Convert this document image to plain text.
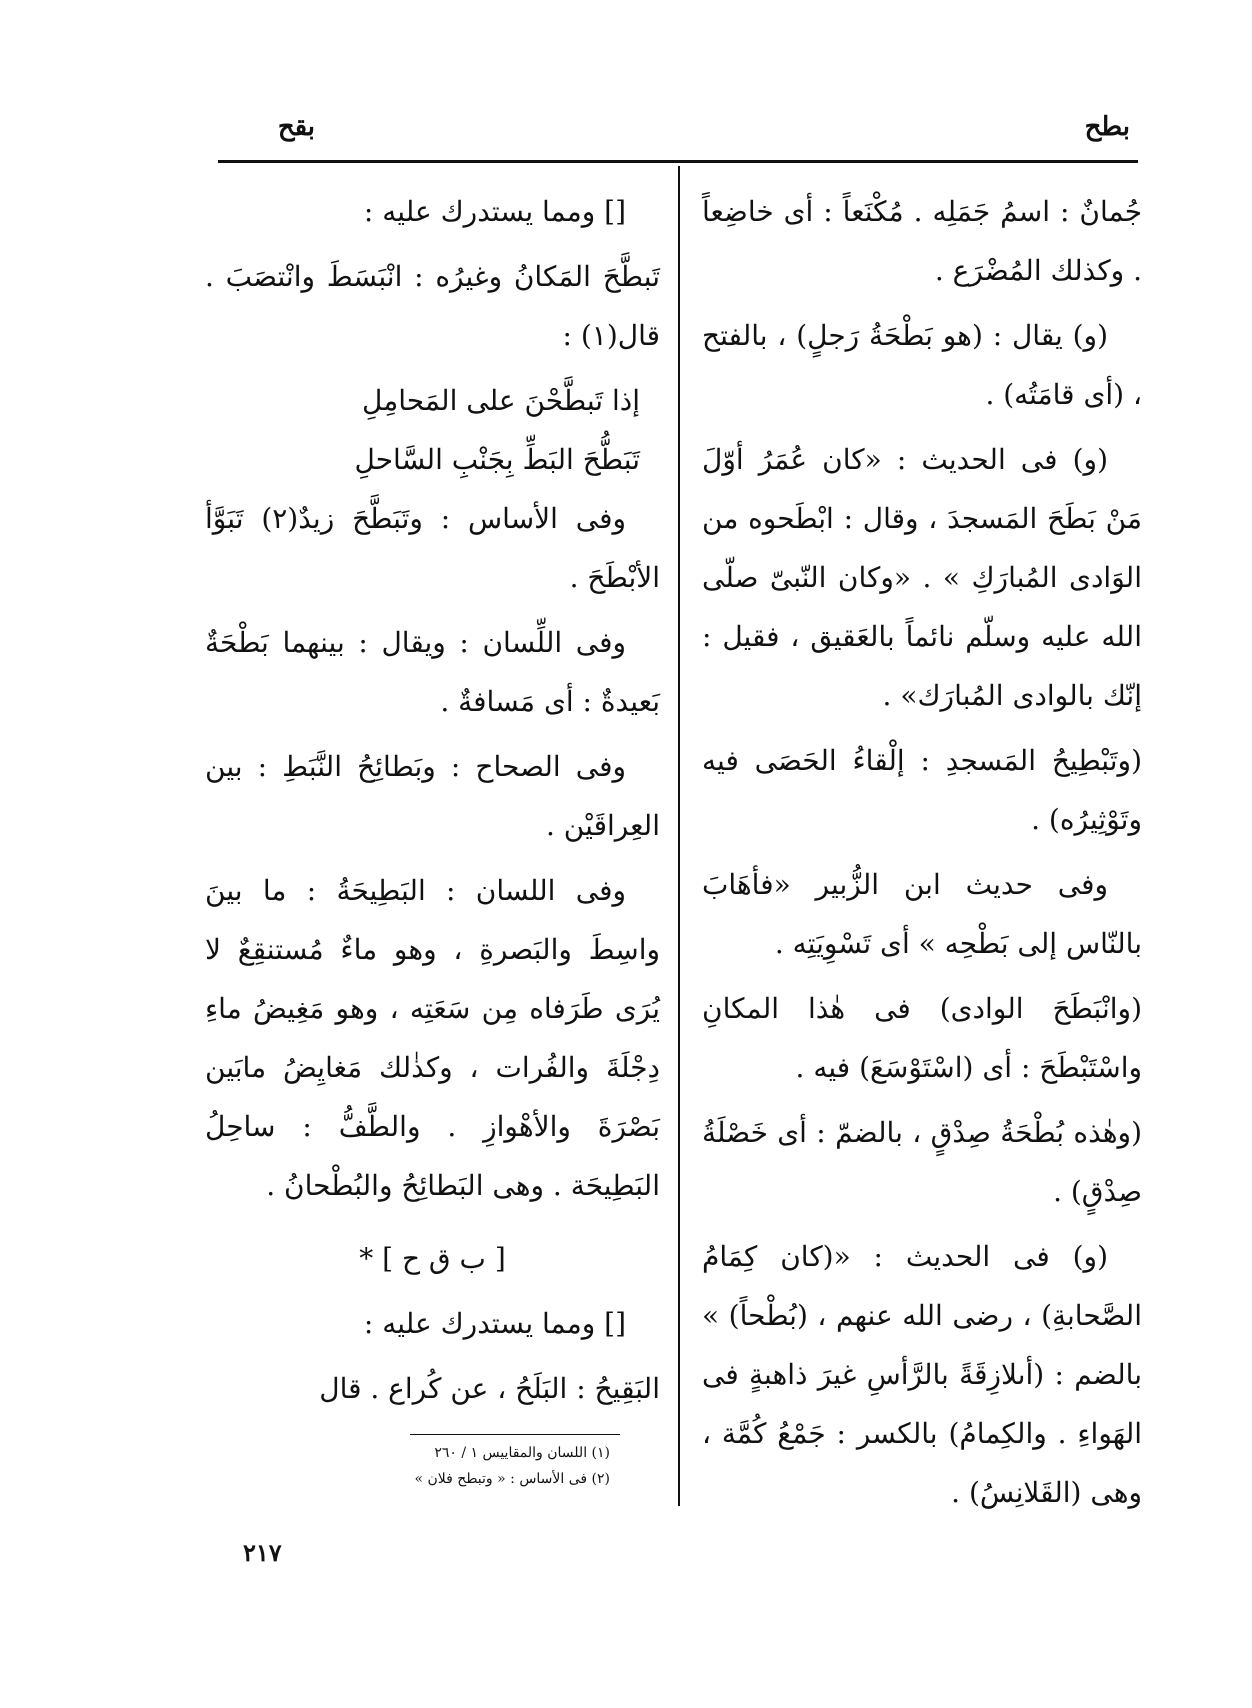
بطح
بقح

جُمانٌ : اسمُ جَمَلِه . مُكْنَعاً : أى خاضِعاً . وكذلك المُضْرَع .

(و) يقال : (هو بَطْحَةُ رَجلٍ) ، بالفتح ، (أى قامَتُه) .

(و) فى الحديث : «كان عُمَرُ أوّلَ مَنْ بَطَحَ المَسجدَ ، وقال : ابْطَحوه من الوَادى المُبارَكِ » . «وكان النّبىّ صلّى الله عليه وسلّم نائماً بالعَقيق ، فقيل : إنّك بالوادى المُبارَك» .

(وتَبْطِيحُ المَسجدِ : إلْقاءُ الحَصَى فيه وتَوْثِيرُه) .

وفى حديث ابن الزُّبير «فأهَابَ بالنّاس إلى بَطْحِه » أى تَسْوِيَتِه .

(وانْبَطَحَ الوادى) فى هٰذا المكانِ واسْتَبْطَحَ : أى (اسْتَوْسَعَ) فيه .

(وهٰذه بُطْحَةُ صِدْقٍ ، بالضمّ : أى خَصْلَةُ صِدْقٍ) .

(و) فى الحديث : «(كان كِمَامُ الصَّحابةِ) ، رضى الله عنهم ، (بُطْحاً) » بالضم : (أىلازِقَةً بالرَّأسِ غيرَ ذاهبةٍ فى الهَواءِ . والكِمامُ) بالكسر : جَمْعُ كُمَّة ، وهى (القَلانِسُ) .

[] ومما يستدرك عليه :

تَبطَّحَ المَكانُ وغيرُه : انْبَسَطَ وانْتصَبَ . قال(١) :

إذا تَبطَّحْنَ على المَحامِلِ

تَبَطُّحَ البَطِّ بِجَنْبِ السَّاحلِ

وفى الأساس : وتَبَطَّحَ زيدٌ(٢) تَبَوَّأ الأبْطَحَ .

وفى اللِّسان : ويقال : بينهما بَطْحَةٌ بَعيدةٌ : أى مَسافةٌ .

وفى الصحاح : وبَطائِحُ النَّبَطِ : بين العِراقَيْن .

وفى اللسان : البَطِيحَةُ : ما بينَ واسِطَ والبَصرةِ ، وهو ماءٌ مُستنقِعٌ لا يُرَى طَرَفاه مِن سَعَتِه ، وهو مَغِيضُ ماءِ دِجْلَةَ والفُرات ، وكذٰلك مَغايِضُ مابَين بَصْرَةَ والأهْوازِ . والطَّفُّ : ساحِلُ البَطِيحَة . وهى البَطائِحُ والبُطْحانُ .

[ ب ق ح ] *

[] ومما يستدرك عليه :

البَقِيحُ : البَلَحُ ، عن كُراع . قال

(١) اللسان والمقاييس ١ / ٢٦٠
(٢) فى الأساس : « وتبطح فلان »
٢١٧
